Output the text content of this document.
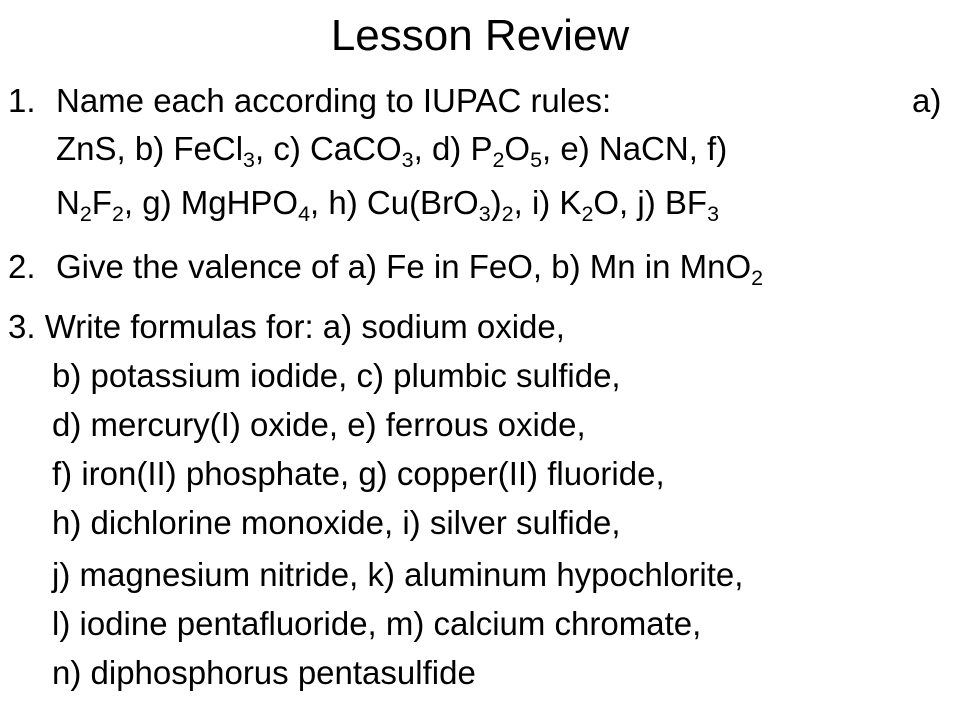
Lesson Review
1. Name each according to IUPAC rules:	a)
ZnS, b) FeCl$_3$, c) CaCO$_3$, d) $P_2O_5$, e) NaCN, f)
$N_2F_2$, g) MgHPO$_4$, h) $Cu(BrO_3)_2$, i) $K_2O$, j) $BF_3$
2. Give the valence of a) Fe in FeO, b) Mn in MnO$_2$
3. Write formulas for: a) sodium oxide,
b) potassium iodide, c) plumbic sulfide,
d) mercury(I) oxide, e) ferrous oxide,
f) iron(II) phosphate, g) copper(II) fluoride,
h) dichlorine monoxide, i) silver sulfide,
j) magnesium nitride, k) aluminum hypochlorite,
l) iodine pentafluoride, m) calcium chromate,
n) diphosphorus pentasulfide
